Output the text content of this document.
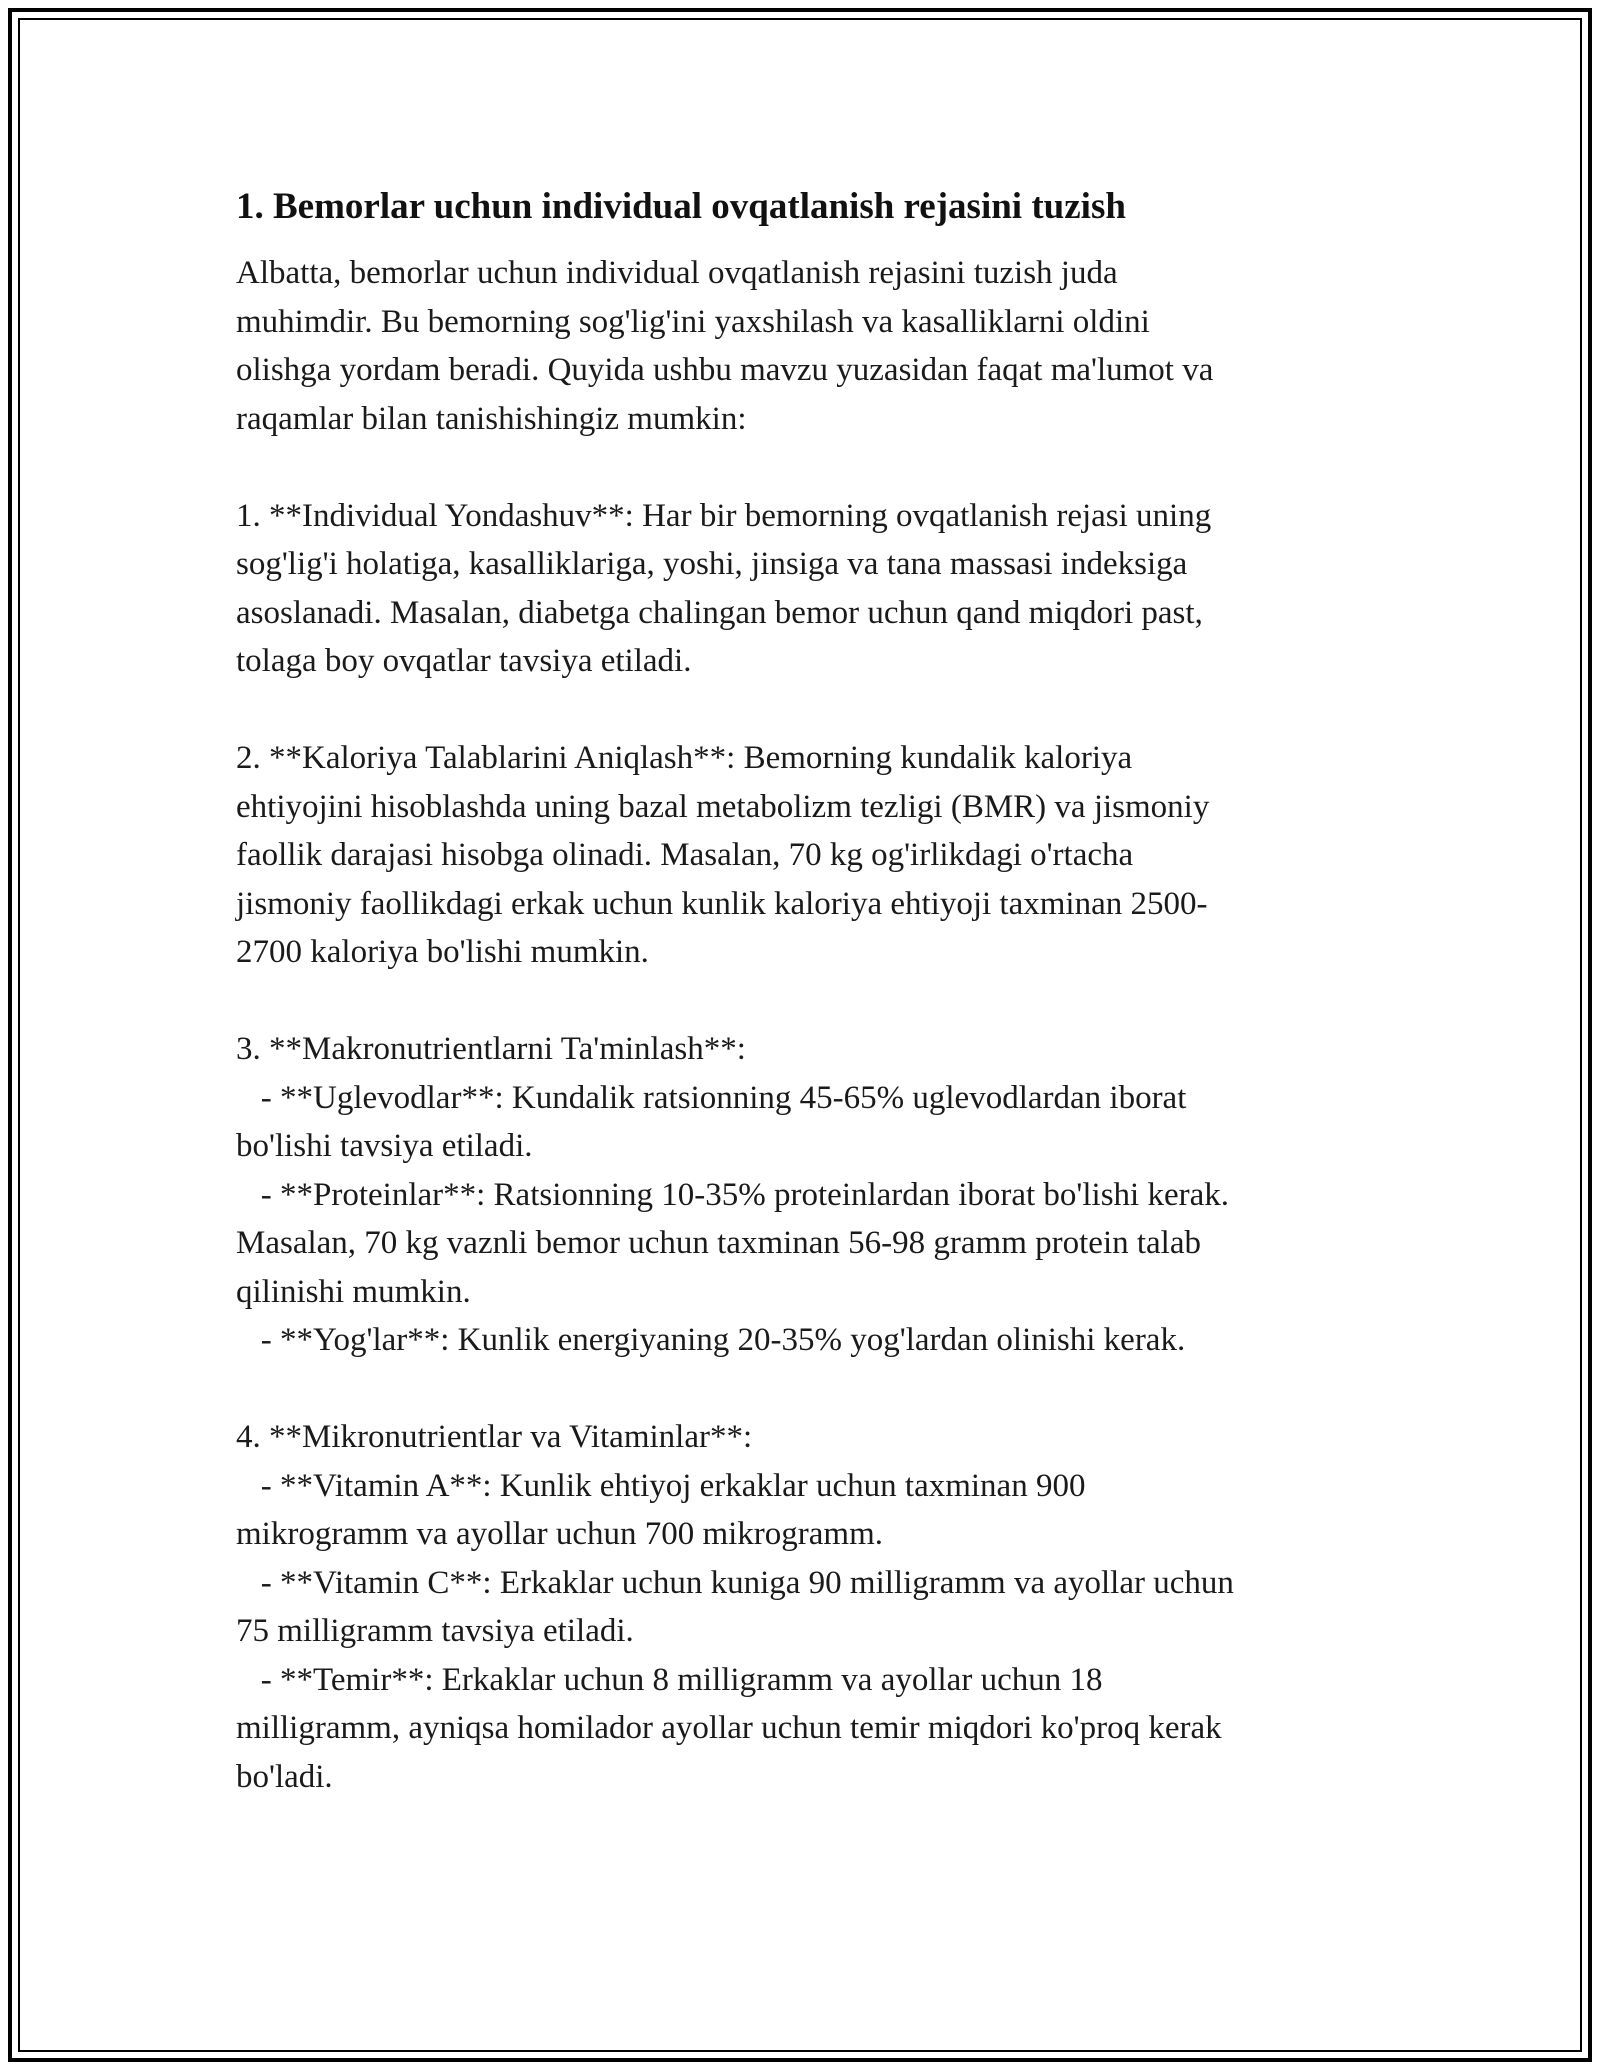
1. Bemorlar uchun individual ovqatlanish rejasini tuzish

Albatta, bemorlar uchun individual ovqatlanish rejasini tuzish juda
muhimdir. Bu bemorning sog'lig'ini yaxshilash va kasalliklarni oldini
olishga yordam beradi. Quyida ushbu mavzu yuzasidan faqat ma'lumot va
raqamlar bilan tanishishingiz mumkin:

1. **Individual Yondashuv**: Har bir bemorning ovqatlanish rejasi uning
sog'lig'i holatiga, kasalliklariga, yoshi, jinsiga va tana massasi indeksiga
asoslanadi. Masalan, diabetga chalingan bemor uchun qand miqdori past,
tolaga boy ovqatlar tavsiya etiladi.

2. **Kaloriya Talablarini Aniqlash**: Bemorning kundalik kaloriya
ehtiyojini hisoblashda uning bazal metabolizm tezligi (BMR) va jismoniy
faollik darajasi hisobga olinadi. Masalan, 70 kg og'irlikdagi o'rtacha
jismoniy faollikdagi erkak uchun kunlik kaloriya ehtiyoji taxminan 2500-
2700 kaloriya bo'lishi mumkin.

3. **Makronutrientlarni Ta'minlash**:
- **Uglevodlar**: Kundalik ratsionning 45-65% uglevodlardan iborat
bo'lishi tavsiya etiladi.
- **Proteinlar**: Ratsionning 10-35% proteinlardan iborat bo'lishi kerak.
Masalan, 70 kg vaznli bemor uchun taxminan 56-98 gramm protein talab
qilinishi mumkin.
- **Yog'lar**: Kunlik energiyaning 20-35% yog'lardan olinishi kerak.

4. **Mikronutrientlar va Vitaminlar**:
- **Vitamin A**: Kunlik ehtiyoj erkaklar uchun taxminan 900
mikrogramm va ayollar uchun 700 mikrogramm.
- **Vitamin C**: Erkaklar uchun kuniga 90 milligramm va ayollar uchun
75 milligramm tavsiya etiladi.
- **Temir**: Erkaklar uchun 8 milligramm va ayollar uchun 18
milligramm, ayniqsa homilador ayollar uchun temir miqdori ko'proq kerak
bo'ladi.
